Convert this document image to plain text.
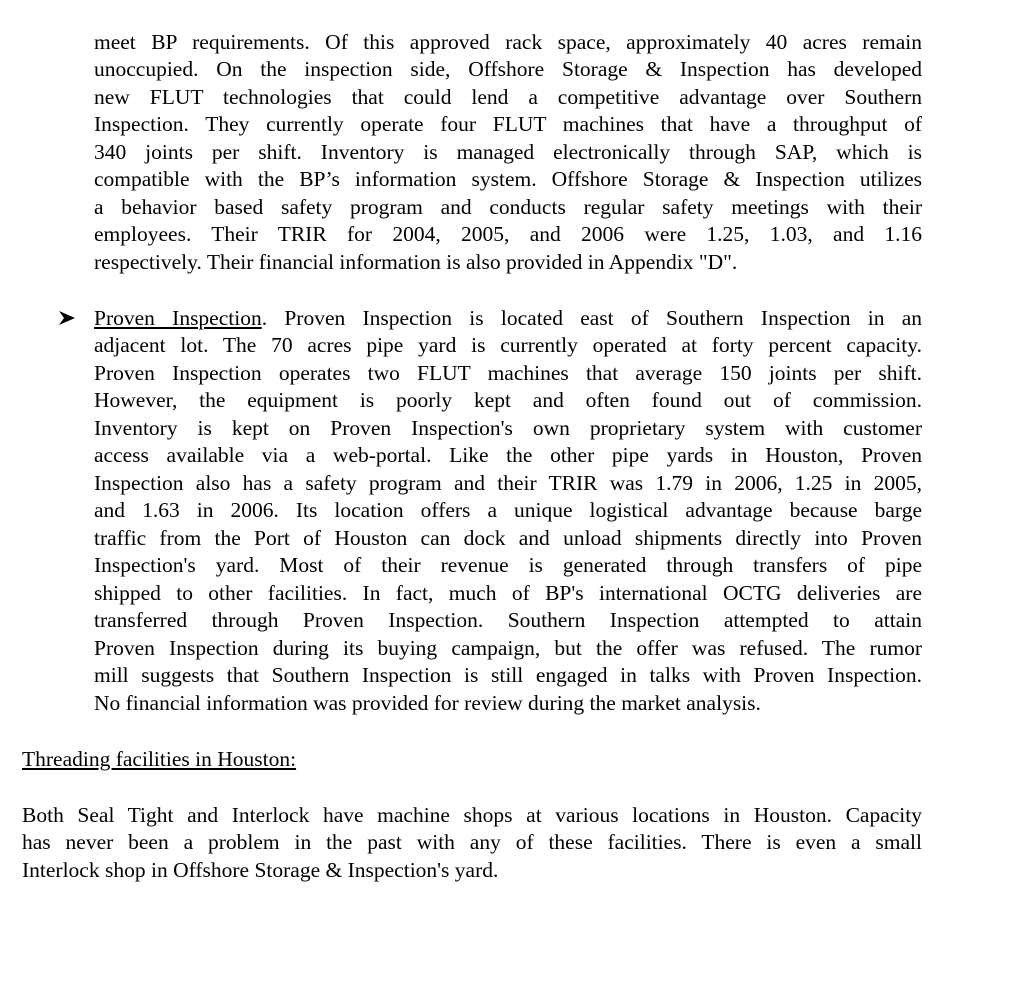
meet BP requirements. Of this approved rack space, approximately 40 acres remain
unoccupied. On the inspection side, Offshore Storage & Inspection has developed
new FLUT technologies that could lend a competitive advantage over Southern
Inspection. They currently operate four FLUT machines that have a throughput of
340 joints per shift. Inventory is managed electronically through SAP, which is
compatible with the BP’s information system. Offshore Storage & Inspection utilizes
a behavior based safety program and conducts regular safety meetings with their
employees. Their TRIR for 2004, 2005, and 2006 were 1.25, 1.03, and 1.16
respectively. Their financial information is also provided in Appendix "D".
Proven Inspection. Proven Inspection is located east of Southern Inspection in an
adjacent lot. The 70 acres pipe yard is currently operated at forty percent capacity.
Proven Inspection operates two FLUT machines that average 150 joints per shift.
However, the equipment is poorly kept and often found out of commission.
Inventory is kept on Proven Inspection's own proprietary system with customer
access available via a web-portal. Like the other pipe yards in Houston, Proven
Inspection also has a safety program and their TRIR was 1.79 in 2006, 1.25 in 2005,
and 1.63 in 2006. Its location offers a unique logistical advantage because barge
traffic from the Port of Houston can dock and unload shipments directly into Proven
Inspection's yard. Most of their revenue is generated through transfers of pipe
shipped to other facilities. In fact, much of BP's international OCTG deliveries are
transferred through Proven Inspection. Southern Inspection attempted to attain
Proven Inspection during its buying campaign, but the offer was refused. The rumor
mill suggests that Southern Inspection is still engaged in talks with Proven Inspection.
No financial information was provided for review during the market analysis.
Threading facilities in Houston:
Both Seal Tight and Interlock have machine shops at various locations in Houston. Capacity
has never been a problem in the past with any of these facilities. There is even a small
Interlock shop in Offshore Storage & Inspection's yard.
